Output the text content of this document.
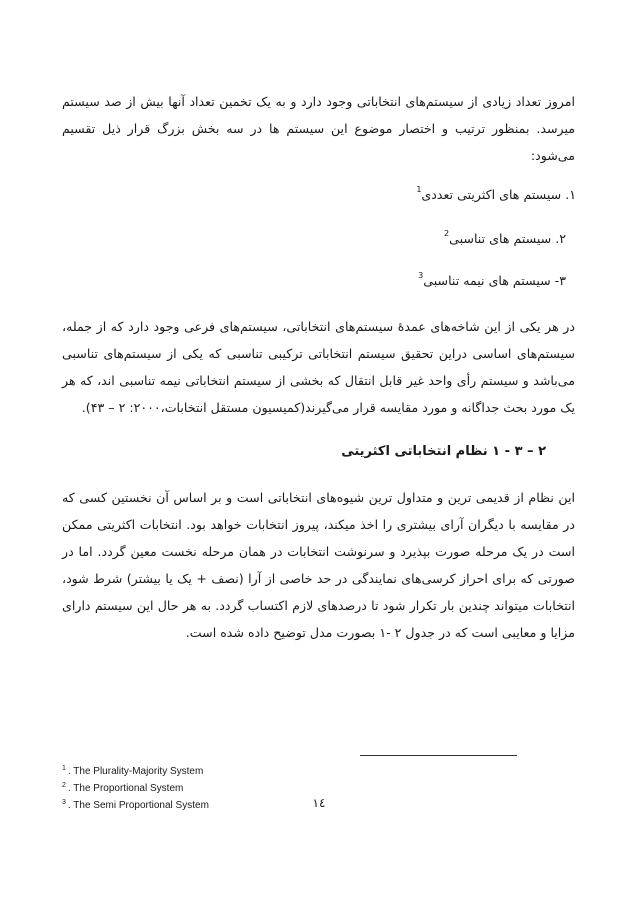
امروز تعداد زیادی از سیستم‌های انتخاباتی وجود دارد و به یک تخمین تعداد آنها بیش از صد سیستم میرسد. بمنظور ترتیب و اختصار موضوع این سیستم ها در سه بخش بزرگ قرار ذیل تقسیم می‌شود:

۱. سیستم های اکثریتی تعددی$^1$
۲. سیستم های تناسبی$^2$
۳- سیستم های نیمه تناسبی$^3$

در هر یکی از این شاخه‌های عمدهٔ سیستم‌های انتخاباتی، سیستم‌های فرعی وجود دارد که از جمله، سیستم‌های اساسی دراین تحقیق سیستم انتخاباتی ترکیبی تناسبی که یکی از سیستم‌های تناسبی می‌باشد و سیستم رأی واحد غیر قابل انتقال که بخشی از سیستم انتخاباتی نیمه تناسبی اند، که هر یک مورد بحث جداگانه و مورد مقایسه قرار می‌گیرند(کمیسیون مستقل انتخابات،۲۰۰۰: ۲ – ۴۳).

۲ – ۳ - ۱ نظام انتخاباتی اکثریتی

این نظام از قدیمی ترین و متداول ترین شیوه‌های انتخاباتی است و بر اساس آن نخستین کسی که در مقایسه با دیگران آرای بیشتری را اخذ میکند، پیروز انتخابات خواهد بود. انتخابات اکثریتی ممکن است در یک مرحله صورت بپذیرد و سرنوشت انتخابات در همان مرحله نخست معین گردد. اما در صورتی که برای احراز کرسی‌های نمایندگی در حد خاصی از آرا (نصف + یک یا بیشتر) شرط شود، انتخابات میتواند چندین بار تکرار شود تا درصدهای لازم اکتساب گردد. به هر حال این سیستم دارای مزایا و معایبی است که در جدول ۲ -۱ بصورت مدل توضیح داده شده است.

$^1$ . The Plurality-Majority System
$^2$ . The Proportional System
$^3$ . The Semi Proportional System	١٤
